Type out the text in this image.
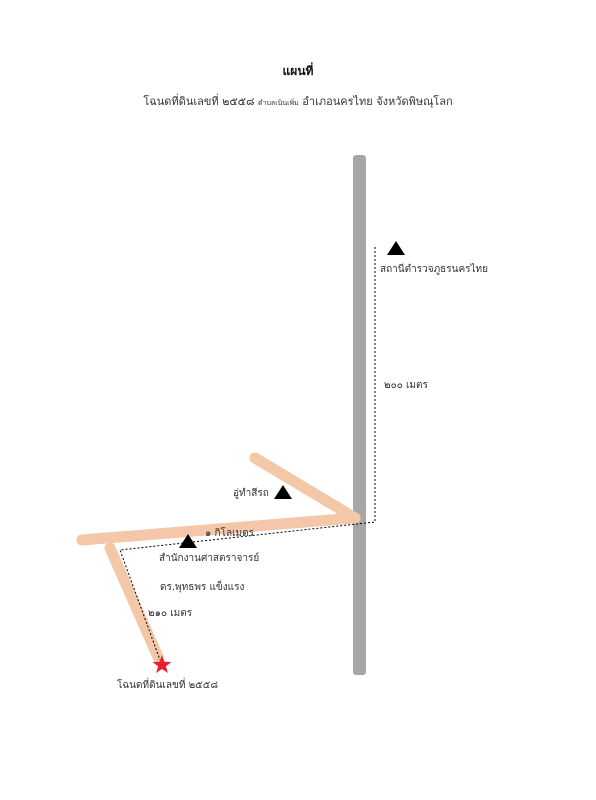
แผนที่
โฉนดที่ดินเลขที่ ๒๕๕๘ ตำบลเนินเพิ่ม อำเภอนครไทย จังหวัดพิษณุโลก
สถานีตำรวจภูธรนครไทย
๒๐๐ เมตร
อู่ทำสีรถ
๑ กิโลเมตร
สำนักงานศาสตราจารย์
ดร.พุทธพร แข็งแรง
๒๑๐ เมตร
โฉนดที่ดินเลขที่ ๒๕๕๘
